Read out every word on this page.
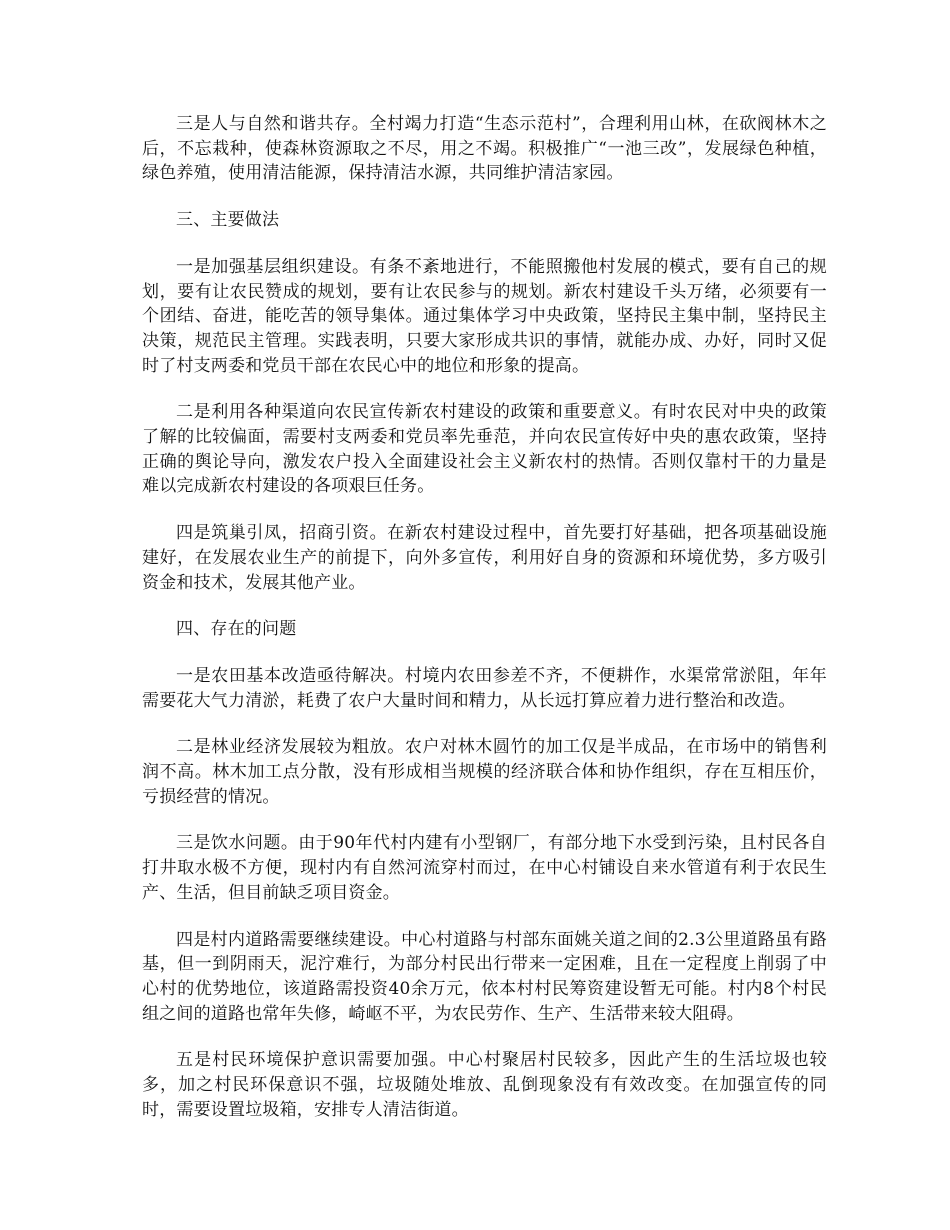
三是人与自然和谐共存。全村竭力打造“生态示范村”，合理利用山林，在砍阀林木之后，不忘栽种，使森林资源取之不尽，用之不竭。积极推广“一池三改”，发展绿色种植，绿色养殖，使用清洁能源，保持清洁水源，共同维护清洁家园。

三、主要做法

一是加强基层组织建设。有条不紊地进行，不能照搬他村发展的模式，要有自己的规划，要有让农民赞成的规划，要有让农民参与的规划。新农村建设千头万绪，必须要有一个团结、奋进，能吃苦的领导集体。通过集体学习中央政策，坚持民主集中制，坚持民主决策，规范民主管理。实践表明，只要大家形成共识的事情，就能办成、办好，同时又促时了村支两委和党员干部在农民心中的地位和形象的提高。

二是利用各种渠道向农民宣传新农村建设的政策和重要意义。有时农民对中央的政策了解的比较偏面，需要村支两委和党员率先垂范，并向农民宣传好中央的惠农政策，坚持正确的舆论导向，激发农户投入全面建设社会主义新农村的热情。否则仅靠村干的力量是难以完成新农村建设的各项艰巨任务。

四是筑巢引凤，招商引资。在新农村建设过程中，首先要打好基础，把各项基础设施建好，在发展农业生产的前提下，向外多宣传，利用好自身的资源和环境优势，多方吸引资金和技术，发展其他产业。

四、存在的问题

一是农田基本改造亟待解决。村境内农田参差不齐，不便耕作，水渠常常淤阻，年年需要花大气力清淤，耗费了农户大量时间和精力，从长远打算应着力进行整治和改造。

二是林业经济发展较为粗放。农户对林木圆竹的加工仅是半成品，在市场中的销售利润不高。林木加工点分散，没有形成相当规模的经济联合体和协作组织，存在互相压价，亏损经营的情况。

三是饮水问题。由于90年代村内建有小型钢厂，有部分地下水受到污染，且村民各自打井取水极不方便，现村内有自然河流穿村而过，在中心村铺设自来水管道有利于农民生产、生活，但目前缺乏项目资金。

四是村内道路需要继续建设。中心村道路与村部东面姚关道之间的2.3公里道路虽有路基，但一到阴雨天，泥泞难行，为部分村民出行带来一定困难，且在一定程度上削弱了中心村的优势地位，该道路需投资40余万元，依本村村民筹资建设暂无可能。村内8个村民组之间的道路也常年失修，崎岖不平，为农民劳作、生产、生活带来较大阻碍。

五是村民环境保护意识需要加强。中心村聚居村民较多，因此产生的生活垃圾也较多，加之村民环保意识不强，垃圾随处堆放、乱倒现象没有有效改变。在加强宣传的同时，需要设置垃圾箱，安排专人清洁街道。
